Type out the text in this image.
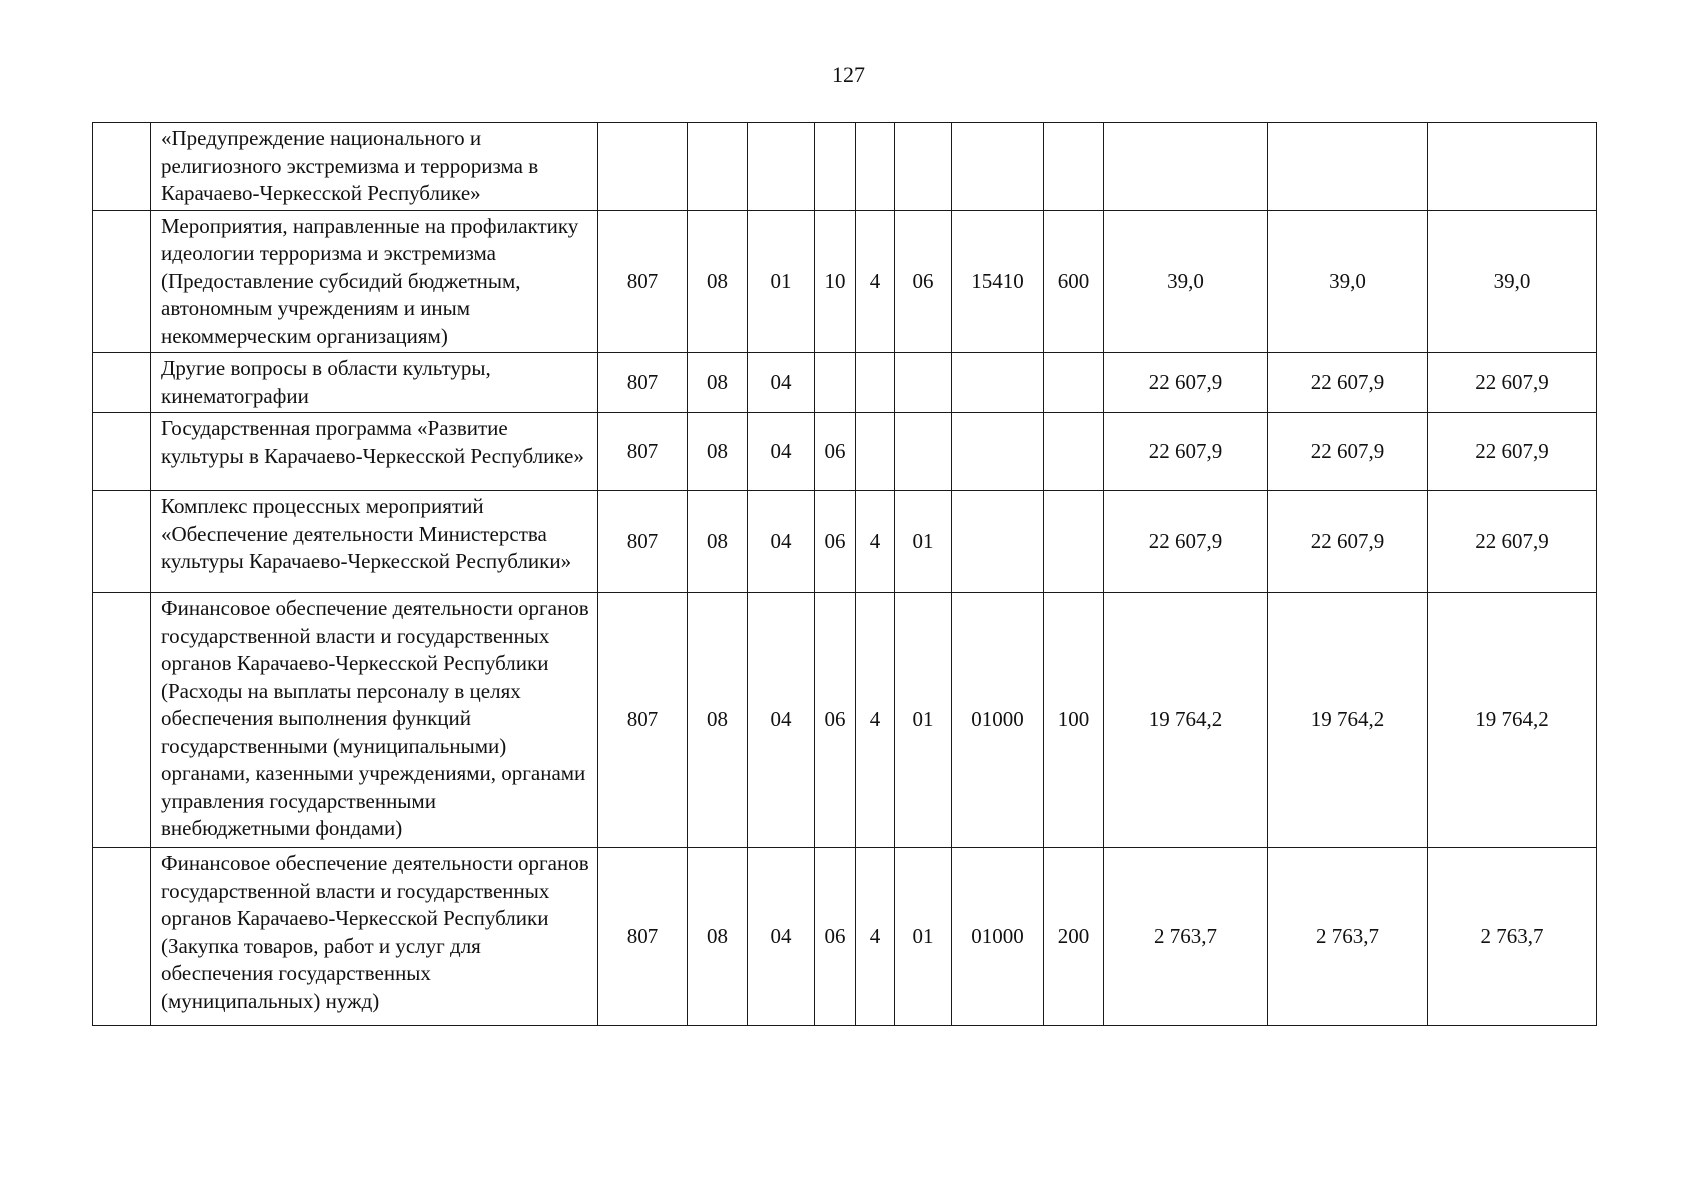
127
	«Предупреждение национального и религиозного экстремизма и терроризма в Карачаево-Черкесской Республике»											
	Мероприятия, направленные на профилактику идеологии терроризма и экстремизма (Предоставление субсидий бюджетным, автономным учреждениям и иным некоммерческим организациям)	807	08	01	10	4	06	15410	600	39,0	39,0	39,0
	Другие вопросы в области культуры, кинематографии	807	08	04						22 607,9	22 607,9	22 607,9
	Государственная программа «Развитие культуры в Карачаево-Черкесской Республике»	807	08	04	06					22 607,9	22 607,9	22 607,9
	Комплекс процессных мероприятий «Обеспечение деятельности Министерства культуры Карачаево-Черкесской Республики»	807	08	04	06	4	01			22 607,9	22 607,9	22 607,9
	Финансовое обеспечение деятельности органов государственной власти и государственных органов Карачаево-Черкесской Республики (Расходы на выплаты персоналу в целях обеспечения выполнения функций государственными (муниципальными) органами, казенными учреждениями, органами управления государственными внебюджетными фондами)	807	08	04	06	4	01	01000	100	19 764,2	19 764,2	19 764,2
	Финансовое обеспечение деятельности органов государственной власти и государственных органов Карачаево-Черкесской Республики (Закупка товаров, работ и услуг для обеспечения государственных (муниципальных) нужд)	807	08	04	06	4	01	01000	200	2 763,7	2 763,7	2 763,7
